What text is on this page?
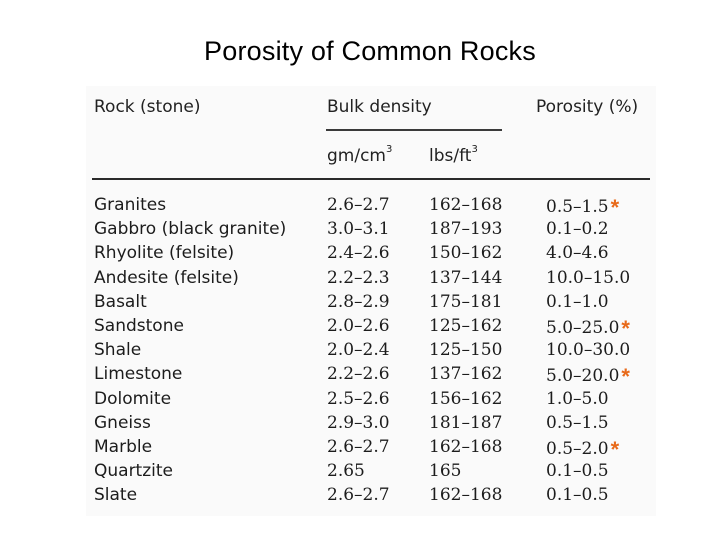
Porosity of Common Rocks
Rock (stone)	Bulk density	Porosity (%)
$gm/cm^3$ lbs/$ft^3$
Granites	2.6–2.7 162–168	0.5–1.5*
Gabbro (black granite) 3.0–3.1 187–193	0.1–0.2
Rhyolite (felsite)	2.4–2.6 150–162	4.0–4.6
Andesite (felsite)	2.2–2.3 137–144	10.0–15.0
Basalt	2.8–2.9 175–181	0.1–1.0
Sandstone	2.0–2.6 125–162	5.0–25.0*
Shale	2.0–2.4 125–150	10.0–30.0
Limestone	2.2–2.6 137–162	5.0–20.0*
Dolomite	2.5–2.6 156–162	1.0–5.0
Gneiss	2.9–3.0 181–187	0.5–1.5
Marble	2.6–2.7 162–168	0.5–2.0*
Quartzite	2.65	165	0.1–0.5
Slate	2.6–2.7 162–168	0.1–0.5
